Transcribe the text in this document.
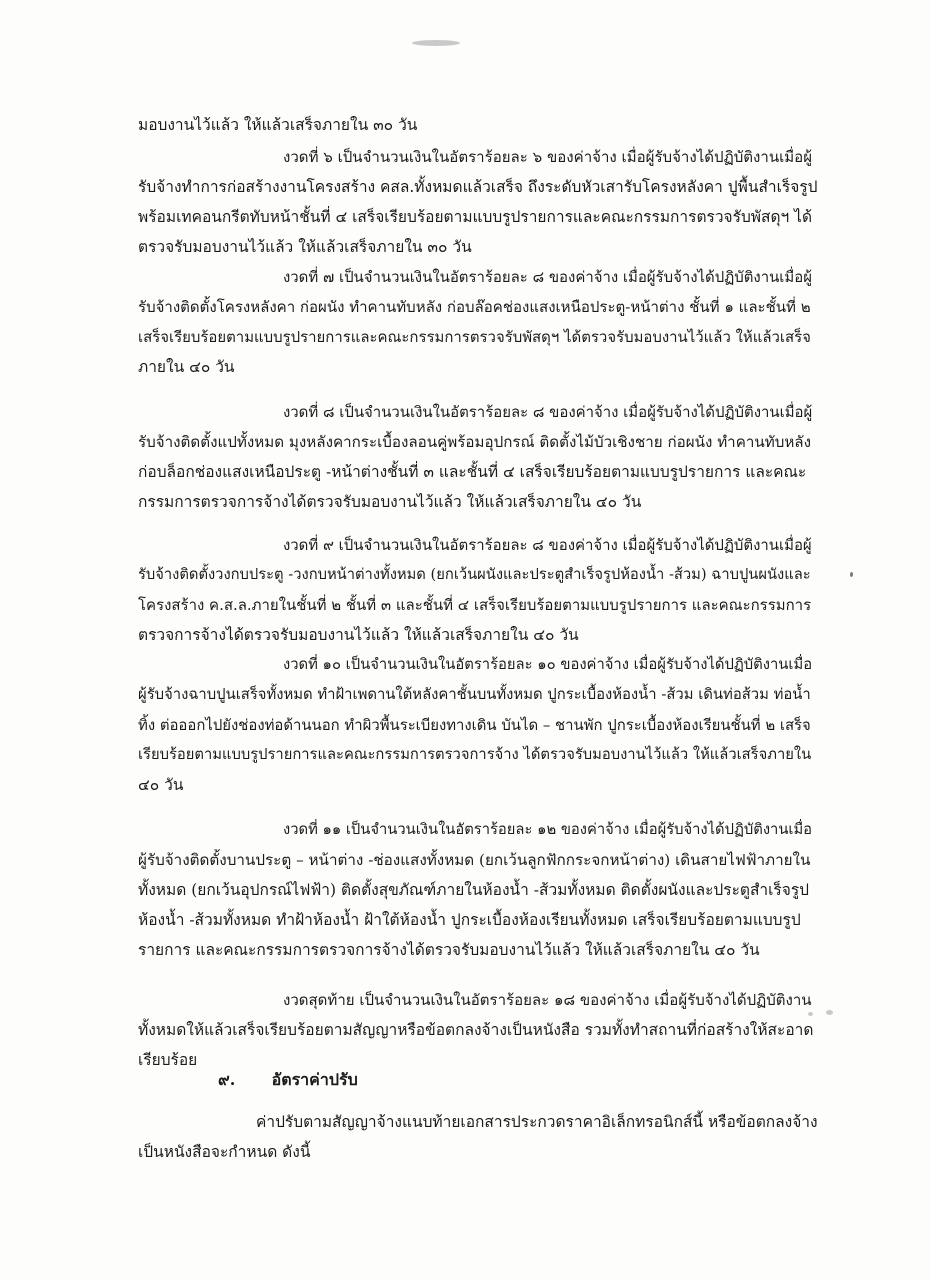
มอบงานไว้แล้ว ให้แล้วเสร็จภายใน ๓๐ วัน
งวดที่ ๖ เป็นจำนวนเงินในอัตราร้อยละ ๖ ของค่าจ้าง เมื่อผู้รับจ้างได้ปฏิบัติงานเมื่อผู้
รับจ้างทำการก่อสร้างงานโครงสร้าง คสล.ทั้งหมดแล้วเสร็จ ถึงระดับหัวเสารับโครงหลังคา ปูพื้นสำเร็จรูป
พร้อมเทคอนกรีตทับหน้าชั้นที่ ๔ เสร็จเรียบร้อยตามแบบรูปรายการและคณะกรรมการตรวจรับพัสดุฯ ได้
ตรวจรับมอบงานไว้แล้ว ให้แล้วเสร็จภายใน ๓๐ วัน
งวดที่ ๗ เป็นจำนวนเงินในอัตราร้อยละ ๘ ของค่าจ้าง เมื่อผู้รับจ้างได้ปฏิบัติงานเมื่อผู้
รับจ้างติดตั้งโครงหลังคา ก่อผนัง ทำคานทับหลัง ก่อบล๊อคช่องแสงเหนือประตู-หน้าต่าง ชั้นที่ ๑ และชั้นที่ ๒
เสร็จเรียบร้อยตามแบบรูปรายการและคณะกรรมการตรวจรับพัสดุฯ ได้ตรวจรับมอบงานไว้แล้ว ให้แล้วเสร็จ
ภายใน ๔๐ วัน
งวดที่ ๘ เป็นจำนวนเงินในอัตราร้อยละ ๘ ของค่าจ้าง เมื่อผู้รับจ้างได้ปฏิบัติงานเมื่อผู้
รับจ้างติดตั้งแปทั้งหมด มุงหลังคากระเบื้องลอนคู่พร้อมอุปกรณ์ ติดตั้งไม้บัวเชิงชาย ก่อผนัง ทำคานทับหลัง
ก่อบล็อกช่องแสงเหนือประตู -หน้าต่างชั้นที่ ๓ และชั้นที่ ๔ เสร็จเรียบร้อยตามแบบรูปรายการ และคณะ
กรรมการตรวจการจ้างได้ตรวจรับมอบงานไว้แล้ว ให้แล้วเสร็จภายใน ๔๐ วัน
งวดที่ ๙ เป็นจำนวนเงินในอัตราร้อยละ ๘ ของค่าจ้าง เมื่อผู้รับจ้างได้ปฏิบัติงานเมื่อผู้
รับจ้างติดตั้งวงกบประตู -วงกบหน้าต่างทั้งหมด (ยกเว้นผนังและประตูสำเร็จรูปห้องน้ำ -ส้วม) ฉาบปูนผนังและ
โครงสร้าง ค.ส.ล.ภายในชั้นที่ ๒ ชั้นที่ ๓ และชั้นที่ ๔ เสร็จเรียบร้อยตามแบบรูปรายการ และคณะกรรมการ
ตรวจการจ้างได้ตรวจรับมอบงานไว้แล้ว ให้แล้วเสร็จภายใน ๔๐ วัน
งวดที่ ๑๐ เป็นจำนวนเงินในอัตราร้อยละ ๑๐ ของค่าจ้าง เมื่อผู้รับจ้างได้ปฏิบัติงานเมื่อ
ผู้รับจ้างฉาบปูนเสร็จทั้งหมด ทำฝ้าเพดานใต้หลังคาชั้นบนทั้งหมด ปูกระเบื้องห้องน้ำ -ส้วม เดินท่อส้วม ท่อน้ำ
ทิ้ง ต่อออกไปยังช่องท่อด้านนอก ทำผิวพื้นระเบียงทางเดิน บันได – ชานพัก ปูกระเบื้องห้องเรียนชั้นที่ ๒ เสร็จ
เรียบร้อยตามแบบรูปรายการและคณะกรรมการตรวจการจ้าง ได้ตรวจรับมอบงานไว้แล้ว ให้แล้วเสร็จภายใน
๔๐ วัน
งวดที่ ๑๑ เป็นจำนวนเงินในอัตราร้อยละ ๑๒ ของค่าจ้าง เมื่อผู้รับจ้างได้ปฏิบัติงานเมื่อ
ผู้รับจ้างติดตั้งบานประตู – หน้าต่าง -ช่องแสงทั้งหมด (ยกเว้นลูกฟักกระจกหน้าต่าง) เดินสายไฟฟ้าภายใน
ทั้งหมด (ยกเว้นอุปกรณ์ไฟฟ้า) ติดตั้งสุขภัณฑ์ภายในห้องน้ำ -ส้วมทั้งหมด ติดตั้งผนังและประตูสำเร็จรูป
ห้องน้ำ -ส้วมทั้งหมด ทำฝ้าห้องน้ำ ฝ้าใต้ห้องน้ำ ปูกระเบื้องห้องเรียนทั้งหมด เสร็จเรียบร้อยตามแบบรูป
รายการ และคณะกรรมการตรวจการจ้างได้ตรวจรับมอบงานไว้แล้ว ให้แล้วเสร็จภายใน ๔๐ วัน
งวดสุดท้าย เป็นจำนวนเงินในอัตราร้อยละ ๑๘ ของค่าจ้าง เมื่อผู้รับจ้างได้ปฏิบัติงาน
ทั้งหมดให้แล้วเสร็จเรียบร้อยตามสัญญาหรือข้อตกลงจ้างเป็นหนังสือ รวมทั้งทำสถานที่ก่อสร้างให้สะอาด
เรียบร้อย
๙. อัตราค่าปรับ
ค่าปรับตามสัญญาจ้างแนบท้ายเอกสารประกวดราคาอิเล็กทรอนิกส์นี้ หรือข้อตกลงจ้าง
เป็นหนังสือจะกำหนด ดังนี้
